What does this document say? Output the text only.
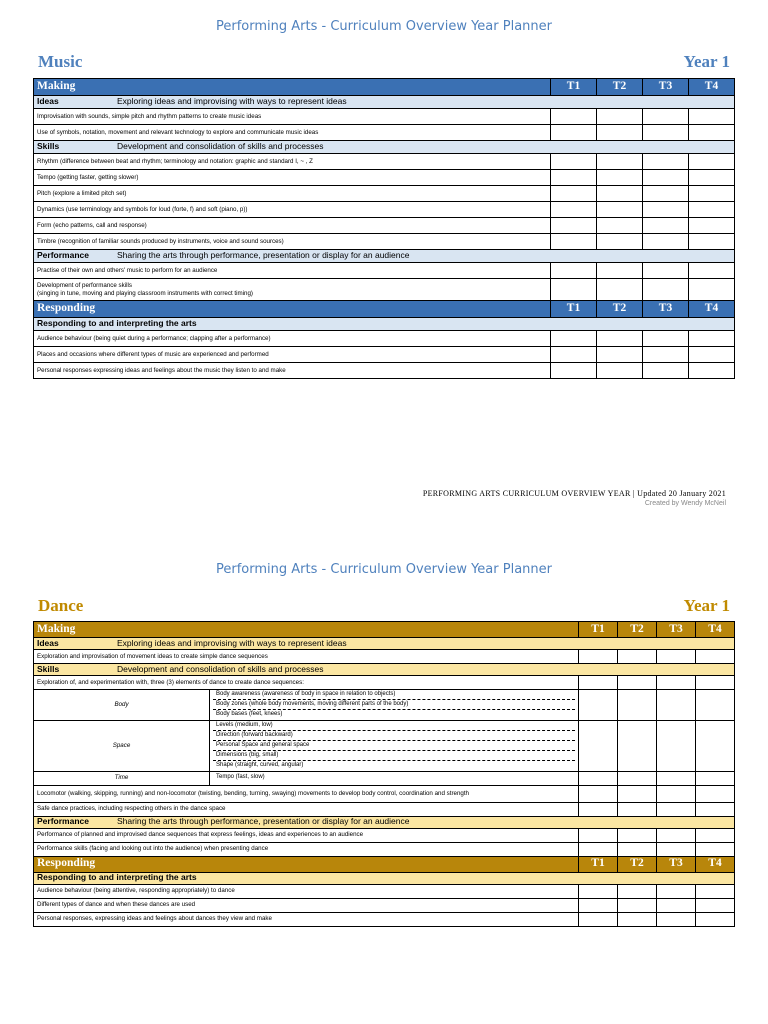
Performing Arts - Curriculum Overview Year Planner
Music	Year 1
Making	T1	T2	T3	T4
Ideas Exploring ideas and improvising with ways to represent ideas				
Improvisation with sounds, simple pitch and rhythm patterns to create music ideas				
Use of symbols, notation, movement and relevant technology to explore and communicate music ideas				
Skills Development and consolidation of skills and processes				
Rhythm (difference between beat and rhythm; terminology and notation: graphic and standard I, ~ , Z				
Tempo (getting faster, getting slower)				
Pitch (explore a limited pitch set)				
Dynamics (use terminology and symbols for loud (forte, f) and soft (piano, p))				
Form (echo patterns, call and response)				
Timbre (recognition of familiar sounds produced by instruments, voice and sound sources)				
Performance Sharing the arts through performance, presentation or display for an audience				
Practise of their own and others' music to perform for an audience				

Development of performance skills
(singing in tune, moving and playing classroom instruments with correct timing)				

Responding	T1	T2	T3	T4
Responding to and interpreting the arts				
Audience behaviour (being quiet during a performance; clapping after a performance)				
Places and occasions where different types of music are experienced and performed				
Personal responses expressing ideas and feelings about the music they listen to and make				
PERFORMING ARTS CURRICULUM OVERVIEW YEAR | Updated 20 January 2021
Created by Wendy McNeil
Performing Arts - Curriculum Overview Year Planner
Dance	Year 1
Making		T1	T2	T3	T4
Ideas Exploring ideas and improvising with ways to represent ideas					
Exploration and improvisation of movement ideas to create simple dance sequences					
Skills Development and consolidation of skills and processes					
Exploration of, and experimentation with, three (3) elements of dance to create dance sequences:					
Body	Body awareness (awareness of body in space in relation to objects)
Body zones (whole body movements, moving different parts of the body)
Body bases (feet, knees)				

Space	Levels (medium, low)
Direction (forward backward)
Personal Space and general space
Dimensions (big, small)
Shape (straight, curved, angular)				

Time	Tempo (fast, slow)				

Locomotor (walking, skipping, running) and non-locomotor (twisting, bending, turning, swaying) movements to develop body control, coordination and strength					
Safe dance practices, including respecting others in the dance space					
Performance Sharing the arts through performance, presentation or display for an audience					
Performance of planned and improvised dance sequences that express feelings, ideas and experiences to an audience					
Performance skills (facing and looking out into the audience) when presenting dance					
Responding		T1	T2	T3	T4
Responding to and interpreting the arts					
Audience behaviour (being attentive, responding appropriately) to dance					
Different types of dance and when these dances are used					
Personal responses, expressing ideas and feelings about dances they view and make					
